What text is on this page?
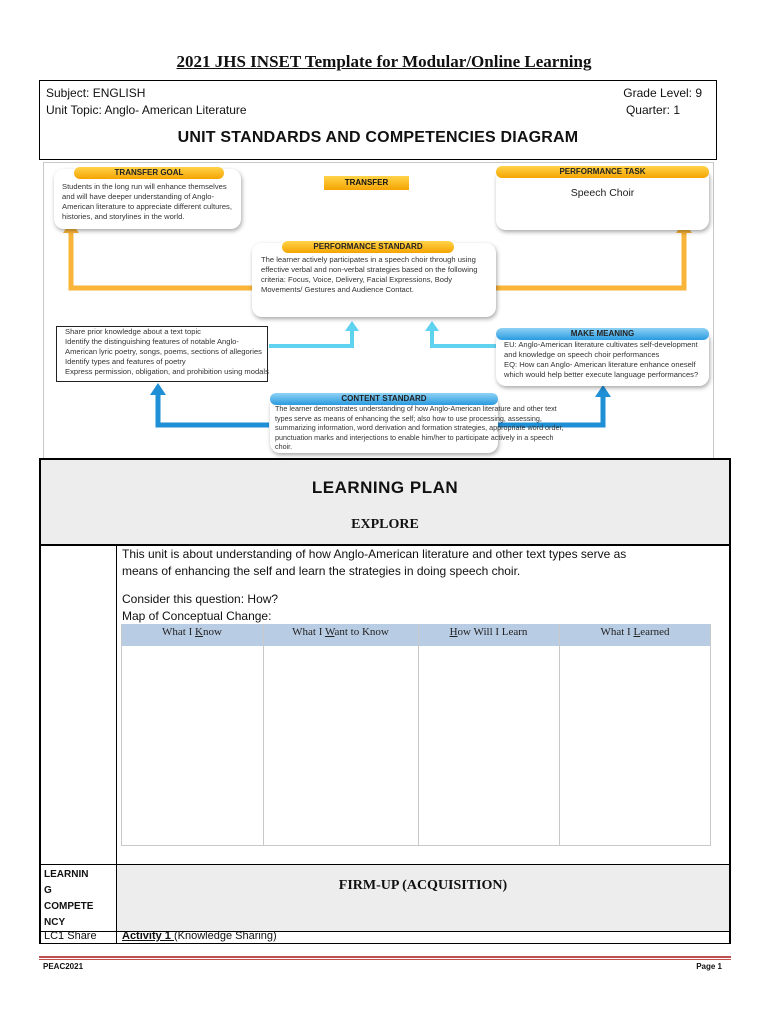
2021 JHS INSET Template for Modular/Online Learning
Subject: ENGLISH
Unit Topic: Anglo- American Literature
Grade Level: 9
Quarter: 1
UNIT STANDARDS AND COMPETENCIES DIAGRAM
TRANSFER GOAL
Students in the long run will enhance themselves and will have deeper understanding of Anglo-American literature to appreciate different cultures, histories, and storylines in the world.
TRANSFER
PERFORMANCE TASK
Speech Choir
PERFORMANCE STANDARD
The learner actively participates in a speech choir through using effective verbal and non-verbal strategies based on the following criteria: Focus, Voice, Delivery, Facial Expressions, Body Movements/ Gestures and Audience Contact.
Share prior knowledge about a text topic
Identify the distinguishing features of notable Anglo-American lyric poetry, songs, poems, sections of allegories
Identify types and features of poetry
Express permission, obligation, and prohibition using modals
MAKE MEANING
EU: Anglo-American literature cultivates self-development and knowledge on speech choir performances
EQ: How can Anglo- American literature enhance oneself which would help better execute language performances?
CONTENT STANDARD
The learner demonstrates understanding of how Anglo-American literature and other text types serve as means of enhancing the self; also how to use processing, assessing, summarizing information, word derivation and formation strategies, appropriate word order, punctuation marks and interjections to enable him/her to participate actively in a speech choir.
LEARNING PLAN
EXPLORE
This unit is about understanding of how Anglo-American literature and other text types serve as
means of enhancing the self and learn the strategies in doing speech choir.
Consider this question: How?
Map of Conceptual Change:
LEARNIN
G
COMPETE
NCY
FIRM-UP (ACQUISITION)
LC1 Share Activity 1 (Knowledge Sharing)
What I Know	What I Want to Know	How Will I Learn	What I Learned
PEAC2021	Page 1
